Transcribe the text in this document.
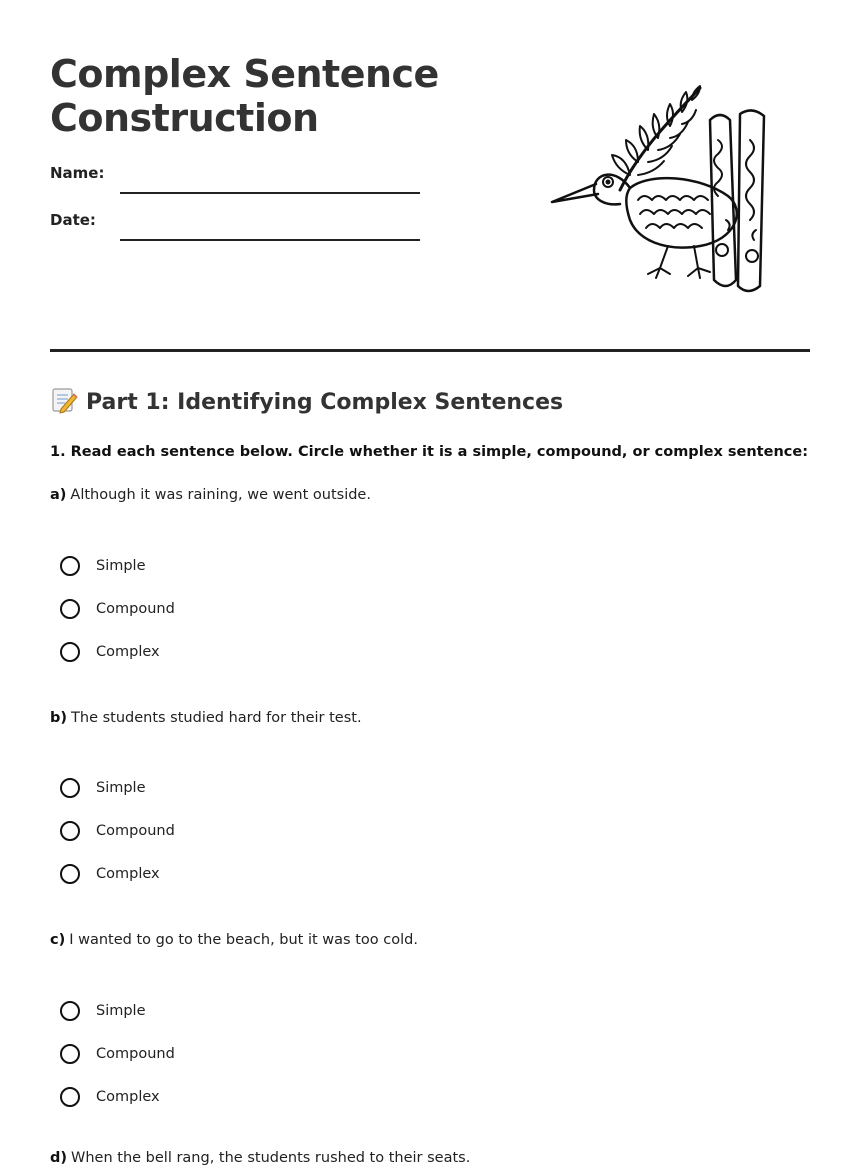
Complex Sentence Construction
Name:
Date:
Part 1: Identifying Complex Sentences
1. Read each sentence below. Circle whether it is a simple, compound, or complex sentence:
a) Although it was raining, we went outside.
Simple
Compound
Complex
b) The students studied hard for their test.
Simple
Compound
Complex
c) I wanted to go to the beach, but it was too cold.
Simple
Compound
Complex
d) When the bell rang, the students rushed to their seats.
